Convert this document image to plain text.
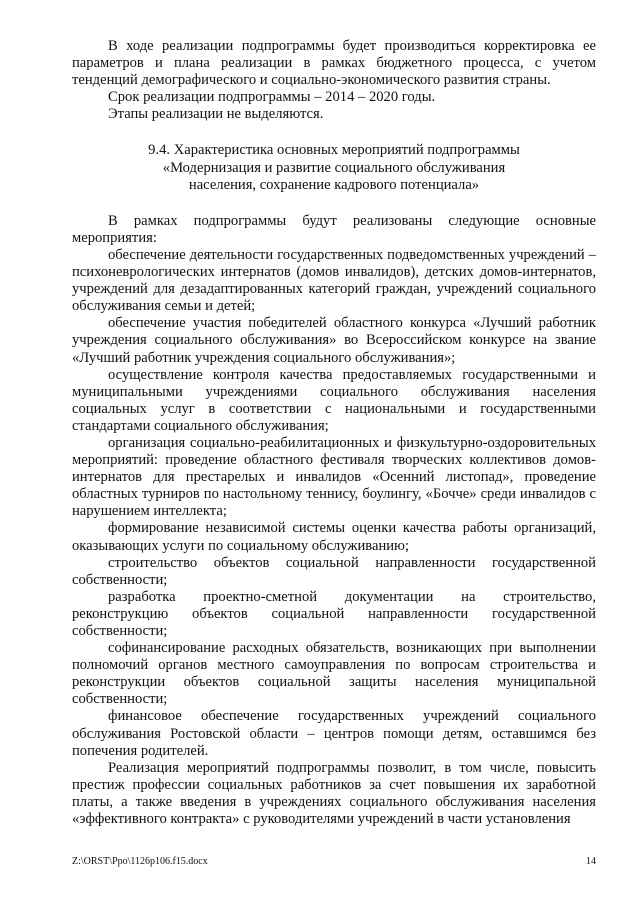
В ходе реализации подпрограммы будет производиться корректировка ее параметров и плана реализации в рамках бюджетного процесса, с учетом тенденций демографического и социально-экономического развития страны.

Срок реализации подпрограммы – 2014 – 2020 годы.

Этапы реализации не выделяются.

9.4. Характеристика основных мероприятий подпрограммы
«Модернизация и развитие социального обслуживания
населения, сохранение кадрового потенциала»

В рамках подпрограммы будут реализованы следующие основные мероприятия:

обеспечение деятельности государственных подведомственных учреждений – психоневрологических интернатов (домов инвалидов), детских домов-интернатов, учреждений для дезадаптированных категорий граждан, учреждений социального обслуживания семьи и детей;

обеспечение участия победителей областного конкурса «Лучший работник учреждения социального обслуживания» во Всероссийском конкурсе на звание «Лучший работник учреждения социального обслуживания»;

осуществление контроля качества предоставляемых государственными и муниципальными учреждениями социального обслуживания населения социальных услуг в соответствии с национальными и государственными стандартами социального обслуживания;

организация социально-реабилитационных и физкультурно-оздоровительных мероприятий: проведение областного фестиваля творческих коллективов домов-интернатов для престарелых и инвалидов «Осенний листопад», проведение областных турниров по настольному теннису, боулингу, «Бочче» среди инвалидов с нарушением интеллекта;

формирование независимой системы оценки качества работы организаций, оказывающих услуги по социальному обслуживанию;

строительство объектов социальной направленности государственной собственности;

разработка проектно-сметной документации на строительство, реконструкцию объектов социальной направленности государственной собственности;

софинансирование расходных обязательств, возникающих при выполнении полномочий органов местного самоуправления по вопросам строительства и реконструкции объектов социальной защиты населения муниципальной собственности;

финансовое обеспечение государственных учреждений социального обслуживания Ростовской области – центров помощи детям, оставшимся без попечения родителей.

Реализация мероприятий подпрограммы позволит, в том числе, повысить престиж профессии социальных работников за счет повышения их заработной платы, а также введения в учреждениях социального обслуживания населения «эффективного контракта» с руководителями учреждений в части установления

Z:\ORST\Ppo\1126p106.f15.docx	14
